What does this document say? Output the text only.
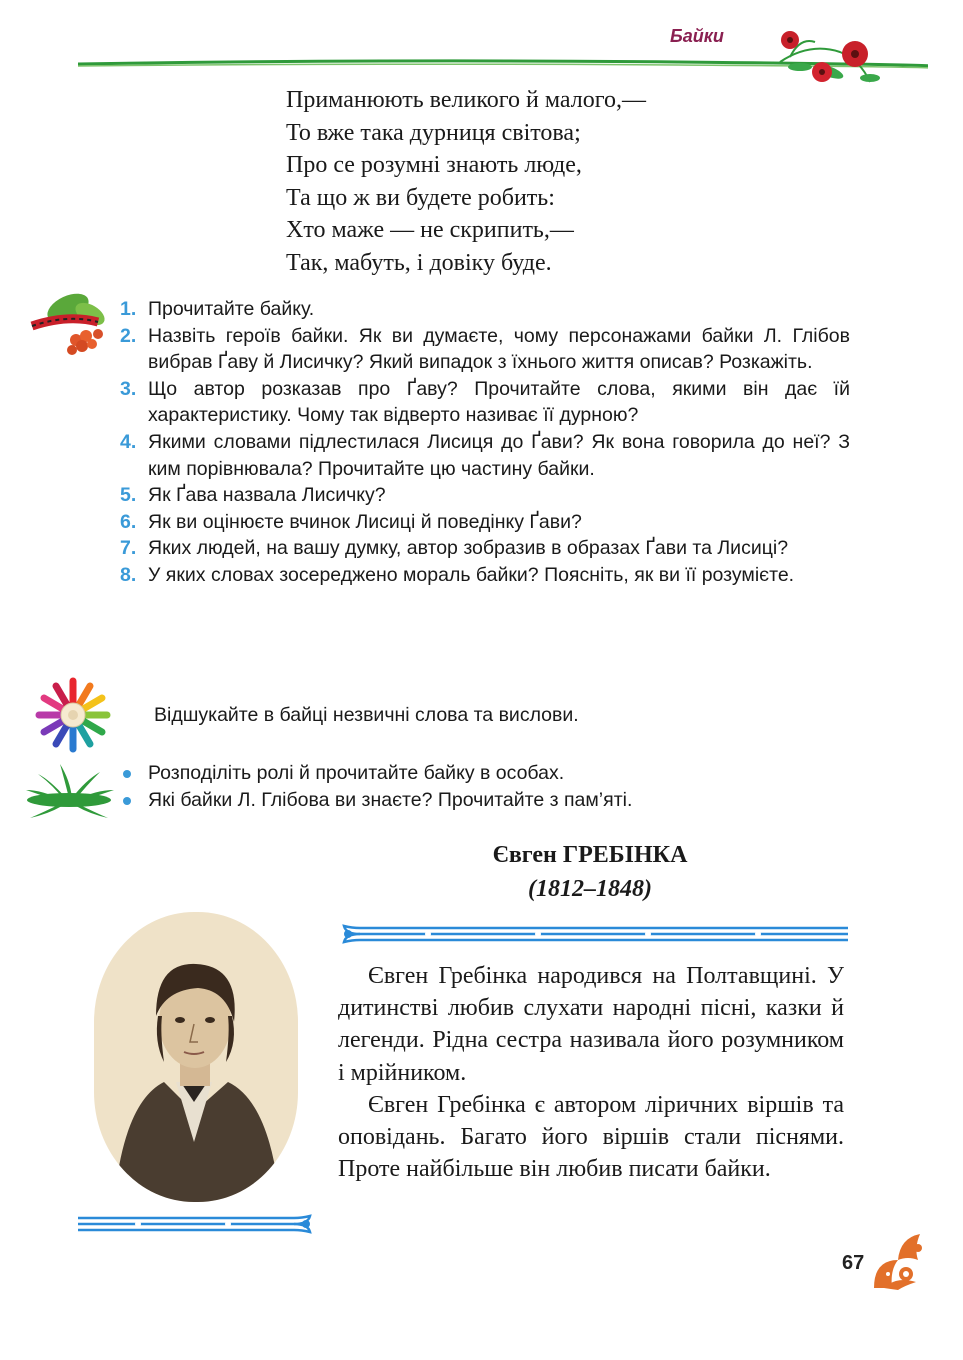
Байки
Приманюють великого й малого,—
То вже така дурниця світова;
Про се розумні знають люде,
Та що ж ви будете робить:
Хто маже — не скрипить,—
Так, мабуть, і довіку буде.
1. Прочитайте байку.
2. Назвіть героїв байки. Як ви думаєте, чому персонажами байки Л. Глібов вибрав Ґаву й Лисичку? Який випадок з їхнього життя описав? Розкажіть.
3. Що автор розказав про Ґаву? Прочитайте слова, якими він дає їй характеристику. Чому так відверто називає її дурною?
4. Якими словами підлестилася Лисиця до Ґави? Як вона говорила до неї? З ким порівнювала? Прочитайте цю частину байки.
5. Як Ґава назвала Лисичку?
6. Як ви оцінюєте вчинок Лисиці й поведінку Ґави?
7. Яких людей, на вашу думку, автор зобразив в образах Ґави та Лисиці?
8. У яких словах зосереджено мораль байки? Поясніть, як ви її розумієте.
Відшукайте в байці незвичні слова та вислови.
Розподіліть ролі й прочитайте байку в особах.
Які байки Л. Глібова ви знаєте? Прочитайте з пам’яті.
Євген ГРЕБІНКА
(1812–1848)

Євген Гребінка народився на Полтавщині. У дитинстві любив слухати народні пісні, казки й легенди. Рідна сестра називала його розумником і мрійником.

Євген Гребінка є автором ліричних віршів та оповідань. Багато його віршів стали піснями. Проте найбільше він любив писати байки.

67
